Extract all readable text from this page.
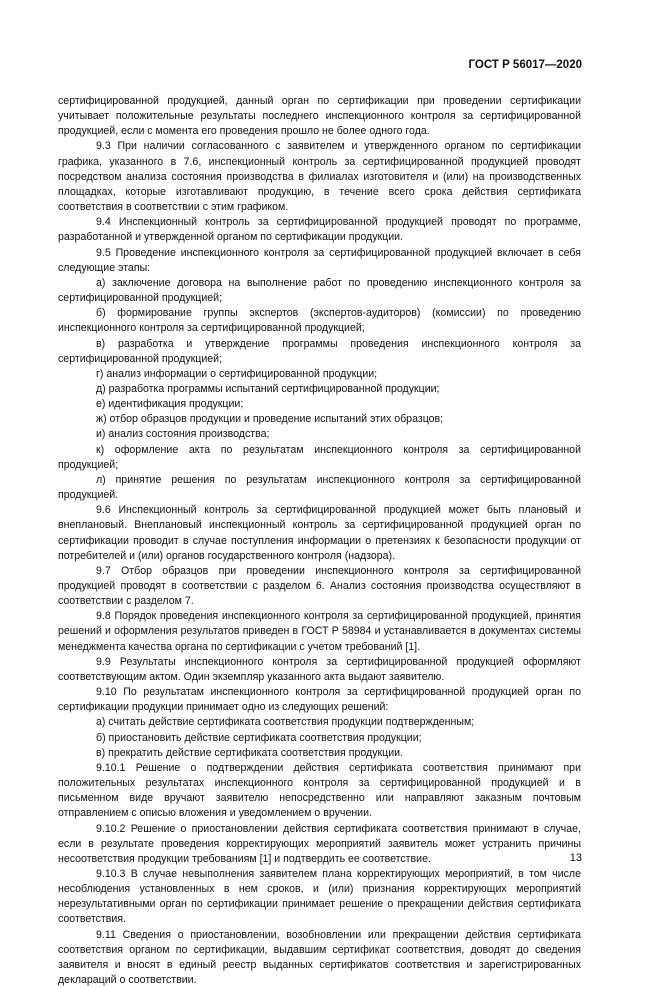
ГОСТ Р 56017—2020

сертифицированной продукцией, данный орган по сертификации при проведении сертификации учитывает положительные результаты последнего инспекционного контроля за сертифицированной продукцией, если с момента его проведения прошло не более одного года.

9.3 При наличии согласованного с заявителем и утвержденного органом по сертификации графика, указанного в 7.6, инспекционный контроль за сертифицированной продукцией проводят посредством анализа состояния производства в филиалах изготовителя и (или) на производственных площадках, которые изготавливают продукцию, в течение всего срока действия сертификата соответствия в соответствии с этим графиком.

9.4 Инспекционный контроль за сертифицированной продукцией проводят по программе, разработанной и утвержденной органом по сертификации продукции.

9.5 Проведение инспекционного контроля за сертифицированной продукцией включает в себя следующие этапы:

а) заключение договора на выполнение работ по проведению инспекционного контроля за сертифицированной продукцией;

б) формирование группы экспертов (экспертов-аудиторов) (комиссии) по проведению инспекционного контроля за сертифицированной продукцией;

в) разработка и утверждение программы проведения инспекционного контроля за сертифицированной продукцией;

г) анализ информации о сертифицированной продукции;

д) разработка программы испытаний сертифицированной продукции;

е) идентификация продукции;

ж) отбор образцов продукции и проведение испытаний этих образцов;

и) анализ состояния производства;

к) оформление акта по результатам инспекционного контроля за сертифицированной продукцией;

л) принятие решения по результатам инспекционного контроля за сертифицированной продукцией.

9.6 Инспекционный контроль за сертифицированной продукцией может быть плановый и внеплановый. Внеплановый инспекционный контроль за сертифицированной продукцией орган по сертификации проводит в случае поступления информации о претензиях к безопасности продукции от потребителей и (или) органов государственного контроля (надзора).

9.7 Отбор образцов при проведении инспекционного контроля за сертифицированной продукцией проводят в соответствии с разделом 6. Анализ состояния производства осуществляют в соответствии с разделом 7.

9.8 Порядок проведения инспекционного контроля за сертифицированной продукцией, принятия решений и оформления результатов приведен в ГОСТ Р 58984 и устанавливается в документах системы менеджмента качества органа по сертификации с учетом требований [1].

9.9 Результаты инспекционного контроля за сертифицированной продукцией оформляют соответствующим актом. Один экземпляр указанного акта выдают заявителю.

9.10 По результатам инспекционного контроля за сертифицированной продукцией орган по сертификации продукции принимает одно из следующих решений:

а) считать действие сертификата соответствия продукции подтвержденным;

б) приостановить действие сертификата соответствия продукции;

в) прекратить действие сертификата соответствия продукции.

9.10.1 Решение о подтверждении действия сертификата соответствия принимают при положительных результатах инспекционного контроля за сертифицированной продукцией и в письменном виде вручают заявителю непосредственно или направляют заказным почтовым отправлением с описью вложения и уведомлением о вручении.

9.10.2 Решение о приостановлении действия сертификата соответствия принимают в случае, если в результате проведения корректирующих мероприятий заявитель может устранить причины несоответствия продукции требованиям [1] и подтвердить ее соответствие.

9.10.3 В случае невыполнения заявителем плана корректирующих мероприятий, в том числе несоблюдения установленных в нем сроков, и (или) признания корректирующих мероприятий нерезультативными орган по сертификации принимает решение о прекращении действия сертификата соответствия.

9.11 Сведения о приостановлении, возобновлении или прекращении действия сертификата соответствия органом по сертификации, выдавшим сертификат соответствия, доводят до сведения заявителя и вносят в единый реестр выданных сертификатов соответствия и зарегистрированных деклараций о соответствии.

13
